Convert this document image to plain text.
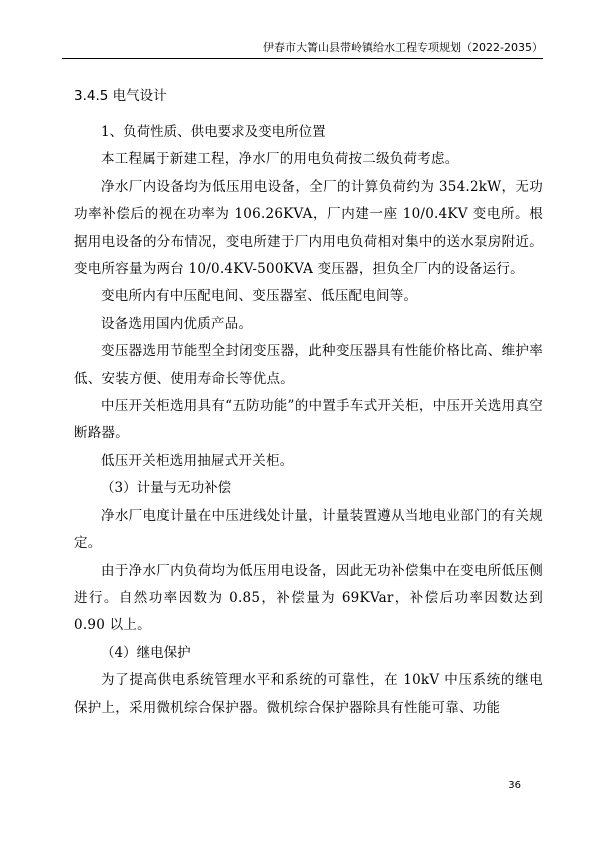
伊春市大箐山县带岭镇给水工程专项规划（2022-2035）
3.4.5 电气设计
1、负荷性质、供电要求及变电所位置
本工程属于新建工程，净水厂的用电负荷按二级负荷考虑。
净水厂内设备均为低压用电设备，全厂的计算负荷约为 354.2kW，无功功率补偿后的视在功率为 106.26KVA，厂内建一座 10/0.4KV 变电所。根据用电设备的分布情况，变电所建于厂内用电负荷相对集中的送水泵房附近。变电所容量为两台 10/0.4KV-500KVA 变压器，担负全厂内的设备运行。
变电所内有中压配电间、变压器室、低压配电间等。
设备选用国内优质产品。
变压器选用节能型全封闭变压器，此种变压器具有性能价格比高、维护率低、安装方便、使用寿命长等优点。
中压开关柜选用具有“五防功能”的中置手车式开关柜，中压开关选用真空断路器。
低压开关柜选用抽屉式开关柜。
（3）计量与无功补偿
净水厂电度计量在中压进线处计量，计量装置遵从当地电业部门的有关规定。
由于净水厂内负荷均为低压用电设备，因此无功补偿集中在变电所低压侧进行。自然功率因数为 0.85，补偿量为 69KVar，补偿后功率因数达到 0.90 以上。
（4）继电保护
为了提高供电系统管理水平和系统的可靠性，在 10kV 中压系统的继电保护上，采用微机综合保护器。微机综合保护器除具有性能可靠、功能
36
